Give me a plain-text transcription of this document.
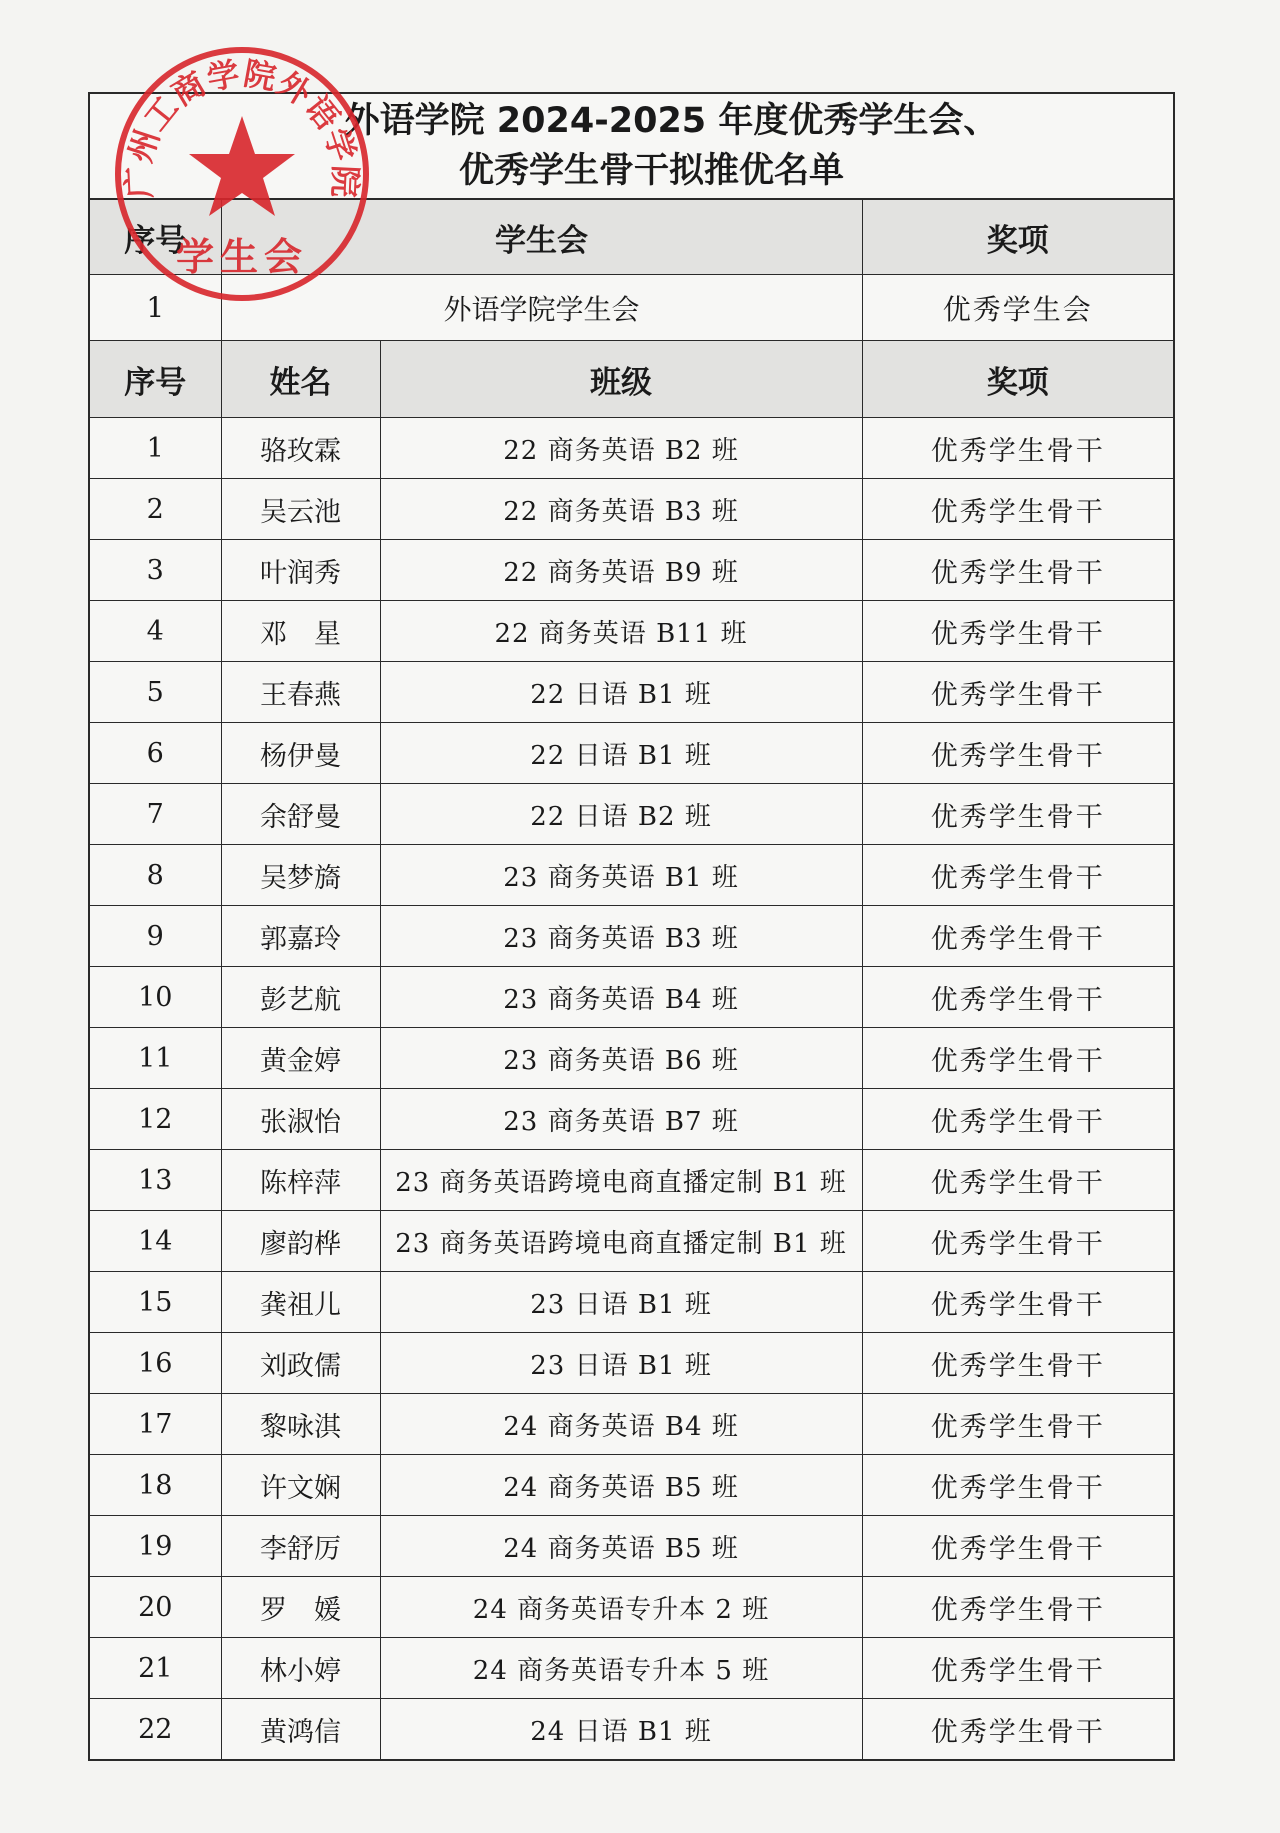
外语学院 2024-2025 年度优秀学生会、
优秀学生骨干拟推优名单
序号	学生会		奖项
1	外语学院学生会		优秀学生会
序号	姓名	班级	奖项
1	骆玫霖	22 商务英语 B2 班	优秀学生骨干
2	吴云池	22 商务英语 B3 班	优秀学生骨干
3	叶润秀	22 商务英语 B9 班	优秀学生骨干
4	邓　星	22 商务英语 B11 班	优秀学生骨干
5	王春燕	22 日语 B1 班	优秀学生骨干
6	杨伊曼	22 日语 B1 班	优秀学生骨干
7	余舒曼	22 日语 B2 班	优秀学生骨干
8	吴梦旖	23 商务英语 B1 班	优秀学生骨干
9	郭嘉玲	23 商务英语 B3 班	优秀学生骨干
10	彭艺航	23 商务英语 B4 班	优秀学生骨干
11	黄金婷	23 商务英语 B6 班	优秀学生骨干
12	张淑怡	23 商务英语 B7 班	优秀学生骨干
13	陈梓萍	23 商务英语跨境电商直播定制 B1 班	优秀学生骨干
14	廖韵桦	23 商务英语跨境电商直播定制 B1 班	优秀学生骨干
15	龚祖儿	23 日语 B1 班	优秀学生骨干
16	刘政儒	23 日语 B1 班	优秀学生骨干
17	黎咏淇	24 商务英语 B4 班	优秀学生骨干
18	许文娴	24 商务英语 B5 班	优秀学生骨干
19	李舒厉	24 商务英语 B5 班	优秀学生骨干
20	罗　媛	24 商务英语专升本 2 班	优秀学生骨干
21	林小婷	24 商务英语专升本 5 班	优秀学生骨干
22	黄鸿信	24 日语 B1 班	优秀学生骨干
广州工商学院外语学院
学生会
